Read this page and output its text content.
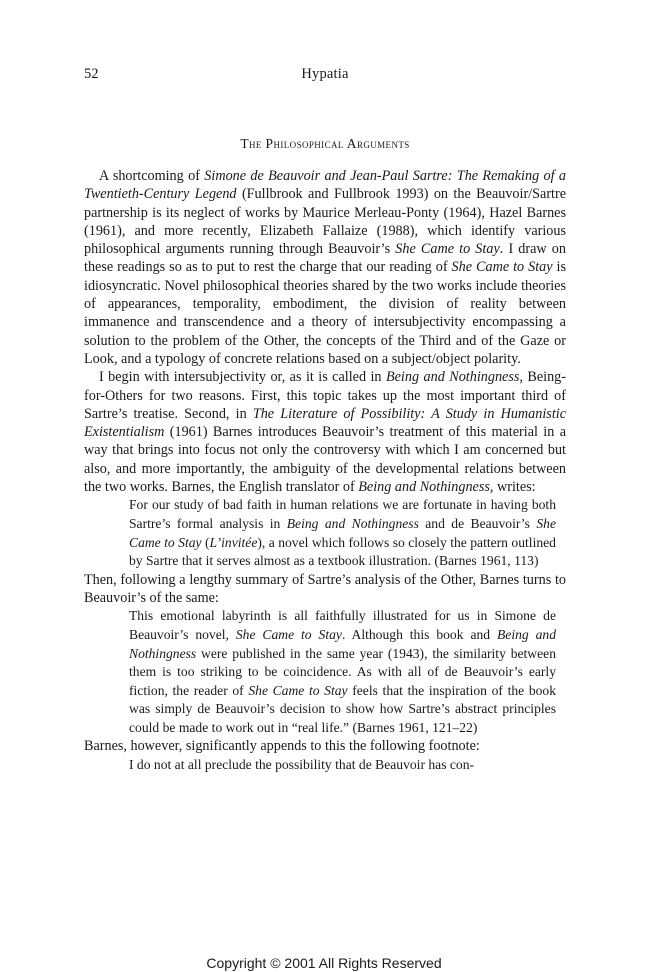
52	Hypatia
The Philosophical Arguments

A shortcoming of Simone de Beauvoir and Jean-Paul Sartre: The Remaking of a Twentieth-Century Legend (Fullbrook and Fullbrook 1993) on the Beauvoir/Sartre partnership is its neglect of works by Maurice Merleau-Ponty (1964), Hazel Barnes (1961), and more recently, Elizabeth Fallaize (1988), which identify various philosophical arguments running through Beauvoir’s She Came to Stay. I draw on these readings so as to put to rest the charge that our reading of She Came to Stay is idiosyncratic. Novel philosophical theories shared by the two works include theories of appearances, temporality, embodiment, the division of reality between immanence and transcendence and a theory of intersubjectivity encompassing a solution to the problem of the Other, the concepts of the Third and of the Gaze or Look, and a typology of concrete relations based on a subject/object polarity.

I begin with intersubjectivity or, as it is called in Being and Nothingness, Being-for-Others for two reasons. First, this topic takes up the most important third of Sartre’s treatise. Second, in The Literature of Possibility: A Study in Humanistic Existentialism (1961) Barnes introduces Beauvoir’s treatment of this material in a way that brings into focus not only the controversy with which I am concerned but also, and more importantly, the ambiguity of the developmental relations between the two works. Barnes, the English translator of Being and Nothingness, writes:

For our study of bad faith in human relations we are fortunate in having both Sartre’s formal analysis in Being and Nothingness and de Beauvoir’s She Came to Stay (L’invitée), a novel which follows so closely the pattern outlined by Sartre that it serves almost as a textbook illustration. (Barnes 1961, 113)

Then, following a lengthy summary of Sartre’s analysis of the Other, Barnes turns to Beauvoir’s of the same:

This emotional labyrinth is all faithfully illustrated for us in Simone de Beauvoir’s novel, She Came to Stay. Although this book and Being and Nothingness were published in the same year (1943), the similarity between them is too striking to be coincidence. As with all of de Beauvoir’s early fiction, the reader of She Came to Stay feels that the inspiration of the book was simply de Beauvoir’s decision to show how Sartre’s abstract principles could be made to work out in “real life.” (Barnes 1961, 121–22)

Barnes, however, significantly appends to this the following footnote:

I do not at all preclude the possibility that de Beauvoir has con-
Copyright © 2001 All Rights Reserved
